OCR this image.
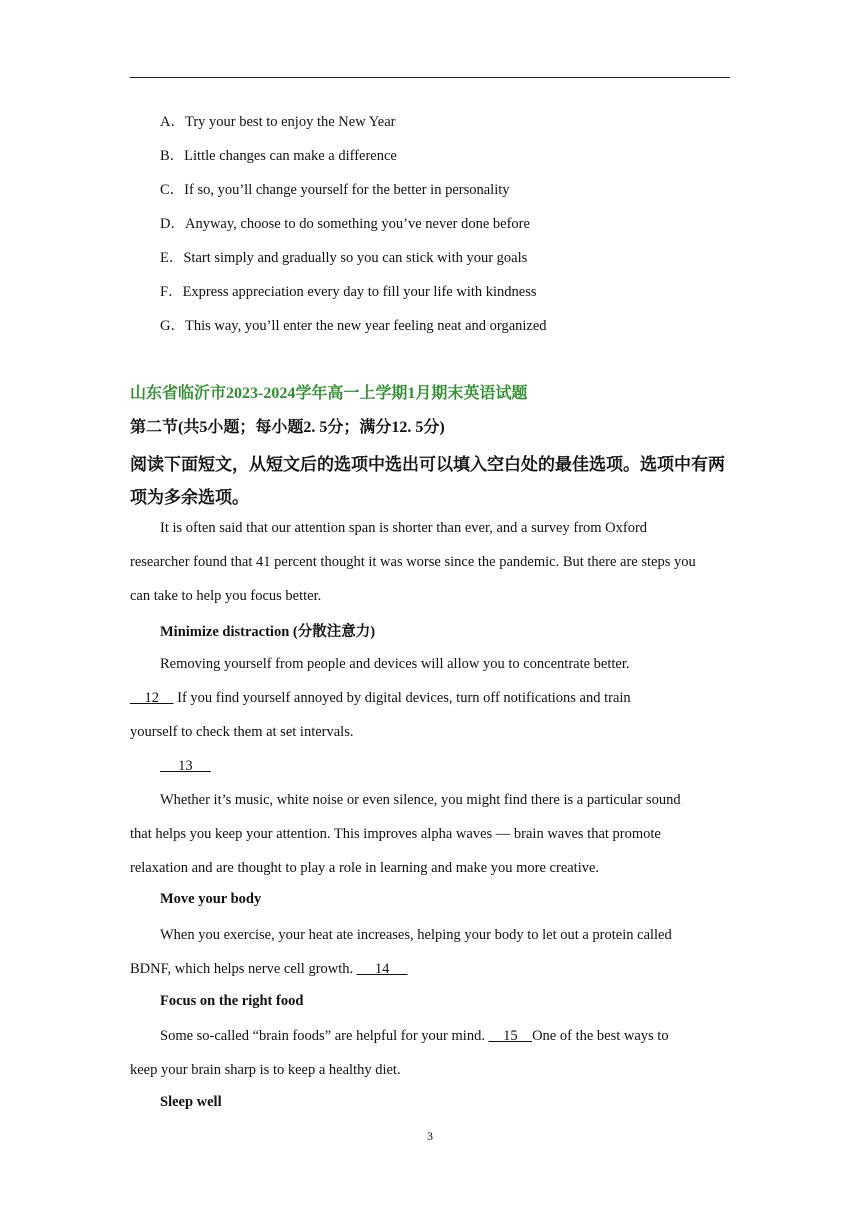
A．Try your best to enjoy the New Year
B．Little changes can make a difference
C．If so, you’ll change yourself for the better in personality
D．Anyway, choose to do something you’ve never done before
E．Start simply and gradually so you can stick with your goals
F．Express appreciation every day to fill your life with kindness
G．This way, you’ll enter the new year feeling neat and organized
山东省临沂市2023-2024学年高一上学期1月期末英语试题
第二节(共5小题；每小题2. 5分；满分12. 5分)
阅读下面短文，从短文后的选项中选出可以填入空白处的最佳选项。选项中有两
项为多余选项。
It is often said that our attention span is shorter than ever, and a survey from Oxford
researcher found that 41 percent thought it was worse since the pandemic. But there are steps you
can take to help you focus better.
Minimize distraction (分散注意力)
Removing yourself from people and devices will allow you to concentrate better.
12     If you find yourself annoyed by digital devices, turn off notifications and train
yourself to check them at set intervals.
13
Whether it’s music, white noise or even silence, you might find there is a particular sound
that helps you keep your attention. This improves alpha waves — brain waves that promote
relaxation and are thought to play a role in learning and make you more creative.
Move your body
When you exercise, your heat ate increases, helping your body to let out a protein called
BDNF, which helps nerve cell growth.      14
Focus on the right food
Some so-called “brain foods” are helpful for your mind.     15    One of the best ways to
keep your brain sharp is to keep a healthy diet.
Sleep well
3
